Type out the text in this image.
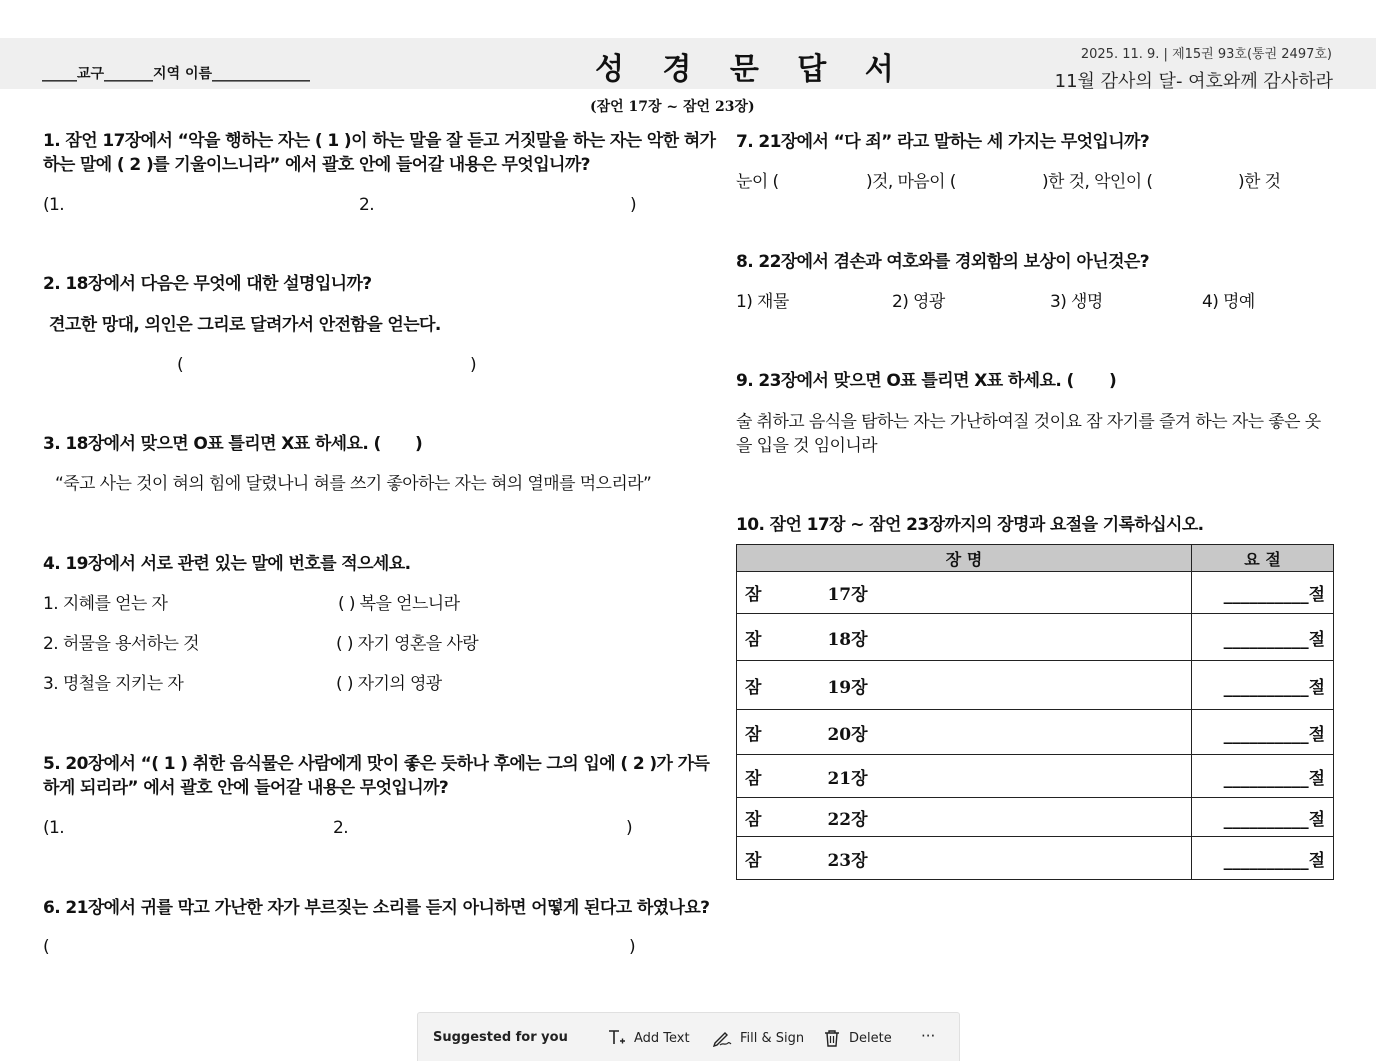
_____교구_______지역 이름______________	성 경 문 답 서	2025. 11. 9. | 제15권 93호(통권 2497호)
11월 감사의 달- 여호와께 감사하라
(잠언 17장 ~ 잠언 23장)
1. 잠언 17장에서 “악을 행하는 자는 ( 1 )이 하는 말을 잘 듣고 거짓말을 하는 자는 악한 혀가
하는 말에 ( 2 )를 기울이느니라” 에서 괄호 안에 들어갈 내용은 무엇입니까?
(1.	2.	)
2. 18장에서 다음은 무엇에 대한 설명입니까?
견고한 망대, 의인은 그리로 달려가서 안전함을 얻는다.
(	)
3. 18장에서 맞으면 O표 틀리면 X표 하세요. ( )
“죽고 사는 것이 혀의 힘에 달렸나니 혀를 쓰기 좋아하는 자는 혀의 열매를 먹으리라”
4. 19장에서 서로 관련 있는 말에 번호를 적으세요.
1. 지혜를 얻는 자	( ) 복을 얻느니라
2. 허물을 용서하는 것	( ) 자기 영혼을 사랑
3. 명철을 지키는 자	( ) 자기의 영광
5. 20장에서 “( 1 ) 취한 음식물은 사람에게 맛이 좋은 듯하나 후에는 그의 입에 ( 2 )가 가득
하게 되리라” 에서 괄호 안에 들어갈 내용은 무엇입니까?
(1.	2.	)
6. 21장에서 귀를 막고 가난한 자가 부르짖는 소리를 듣지 아니하면 어떻게 된다고 하였나요?
(	)
7. 21장에서 “다 죄” 라고 말하는 세 가지는 무엇입니까?
눈이 (	)것, 마음이 (	)한 것, 악인이 (	)한 것
8. 22장에서 겸손과 여호와를 경외함의 보상이 아닌것은?
1) 재물	2) 영광	3) 생명	4) 명예
9. 23장에서 맞으면 O표 틀리면 X표 하세요. ( )
술 취하고 음식을 탐하는 자는 가난하여질 것이요 잠 자기를 즐겨 하는 자는 좋은 옷을 입을 것 임이니라
10. 잠언 17장 ~ 잠언 23장까지의 장명과 요절을 기록하십시오.
장 명	요 절
잠 17장	__________절
잠 18장	__________절
잠 19장	__________절
잠 20장	__________절
잠 21장	__________절
잠 22장	__________절
잠 23장	__________절
Suggested for you	Add Text	Fill & Sign	Delete ···
